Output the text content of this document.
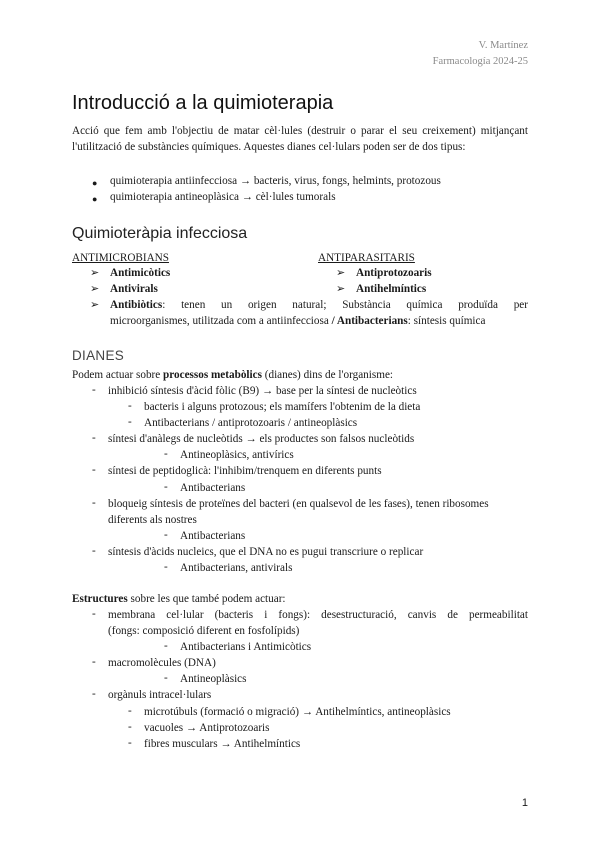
V. Martínez
Farmacología 2024-25
Introducció a la quimioterapia
Acció que fem amb l'objectiu de matar cèl·lules (destruir o parar el seu creixement) mitjançant l'utilització de substàncies químiques. Aquestes dianes cel·lulars poden ser de dos tipus:
● quimioterapia antiinfecciosa → bacteris, virus, fongs, helmints, protozous
● quimioterapia antineoplàsica → cèl·lules tumorals
Quimioteràpia infecciosa
ANTIMICROBIANS	ANTIPARASITARIS
➢ Antimicòtics	➢ Antiprotozoaris
➢ Antivirals	➢ Antihelmíntics
➢ Antibiòtics: tenen un origen natural; Substància química produïda per
microorganismes, utilitzada com a antiinfecciosa / Antibacterians: síntesis química
DIANES
Podem actuar sobre processos metabòlics (dianes) dins de l'organisme:
- inhibició síntesis d'àcid fòlic (B9) → base per la síntesi de nucleòtics
- bacteris i alguns protozous; els mamífers l'obtenim de la dieta
- Antibacterians / antiprotozoaris / antineoplàsics
- síntesi d'anàlegs de nucleòtids → els productes son falsos nucleòtids
- Antineoplàsics, antivírics
- síntesi de peptidoglicà: l'inhibim/trenquem en diferents punts
- Antibacterians
- bloqueig síntesis de proteïnes del bacteri (en qualsevol de les fases), tenen ribosomes
diferents als nostres
- Antibacterians
- síntesis d'àcids nucleics, que el DNA no es pugui transcriure o replicar
- Antibacterians, antivirals
Estructures sobre les que també podem actuar:
- membrana cel·lular (bacteris i fongs): desestructuració, canvis de permeabilitat
(fongs: composició diferent en fosfolípids)
- Antibacterians i Antimicòtics
- macromolècules (DNA)
- Antineoplàsics
- orgànuls intracel·lulars
- microtúbuls (formació o migració) → Antihelmíntics, antineoplàsics
- vacuoles → Antiprotozoaris
- fibres musculars → Antihelmíntics
1
